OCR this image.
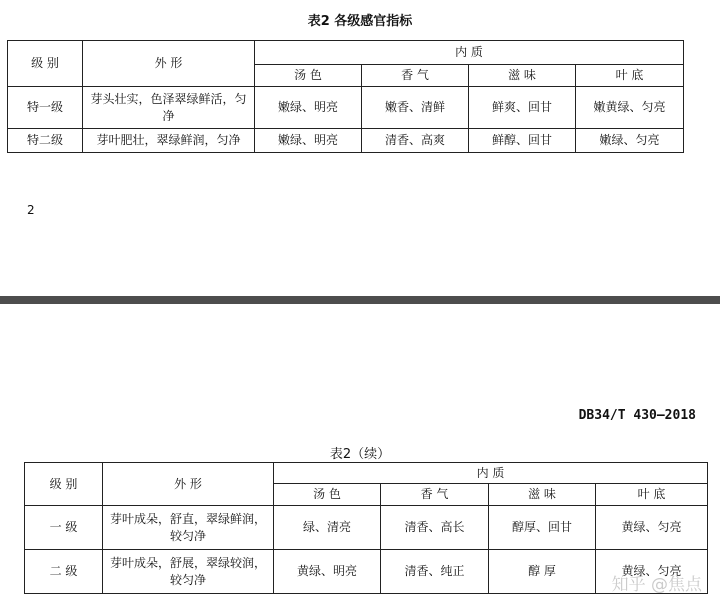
表2 各级感官指标
级 别	外 形	内 质			
		汤 色	香 气	滋 味	叶 底
特一级	芽头壮实，色泽翠绿鲜活，匀净	嫩绿、明亮	嫩香、清鲜	鲜爽、回甘	嫩黄绿、匀亮
特二级	芽叶肥壮，翠绿鲜润，匀净	嫩绿、明亮	清香、高爽	鲜醇、回甘	嫩绿、匀亮
2
DB34/T 430—2018
表2（续）
级 别	外 形	内 质			
		汤 色	香 气	滋 味	叶 底
一 级	芽叶成朵，舒直，翠绿鲜润，较匀净	绿、清亮	清香、高长	醇厚、回甘	黄绿、匀亮
二 级	芽叶成朵，舒展，翠绿较润，较匀净	黄绿、明亮	清香、纯正	醇 厚	黄绿、匀亮
知乎 @焦点
